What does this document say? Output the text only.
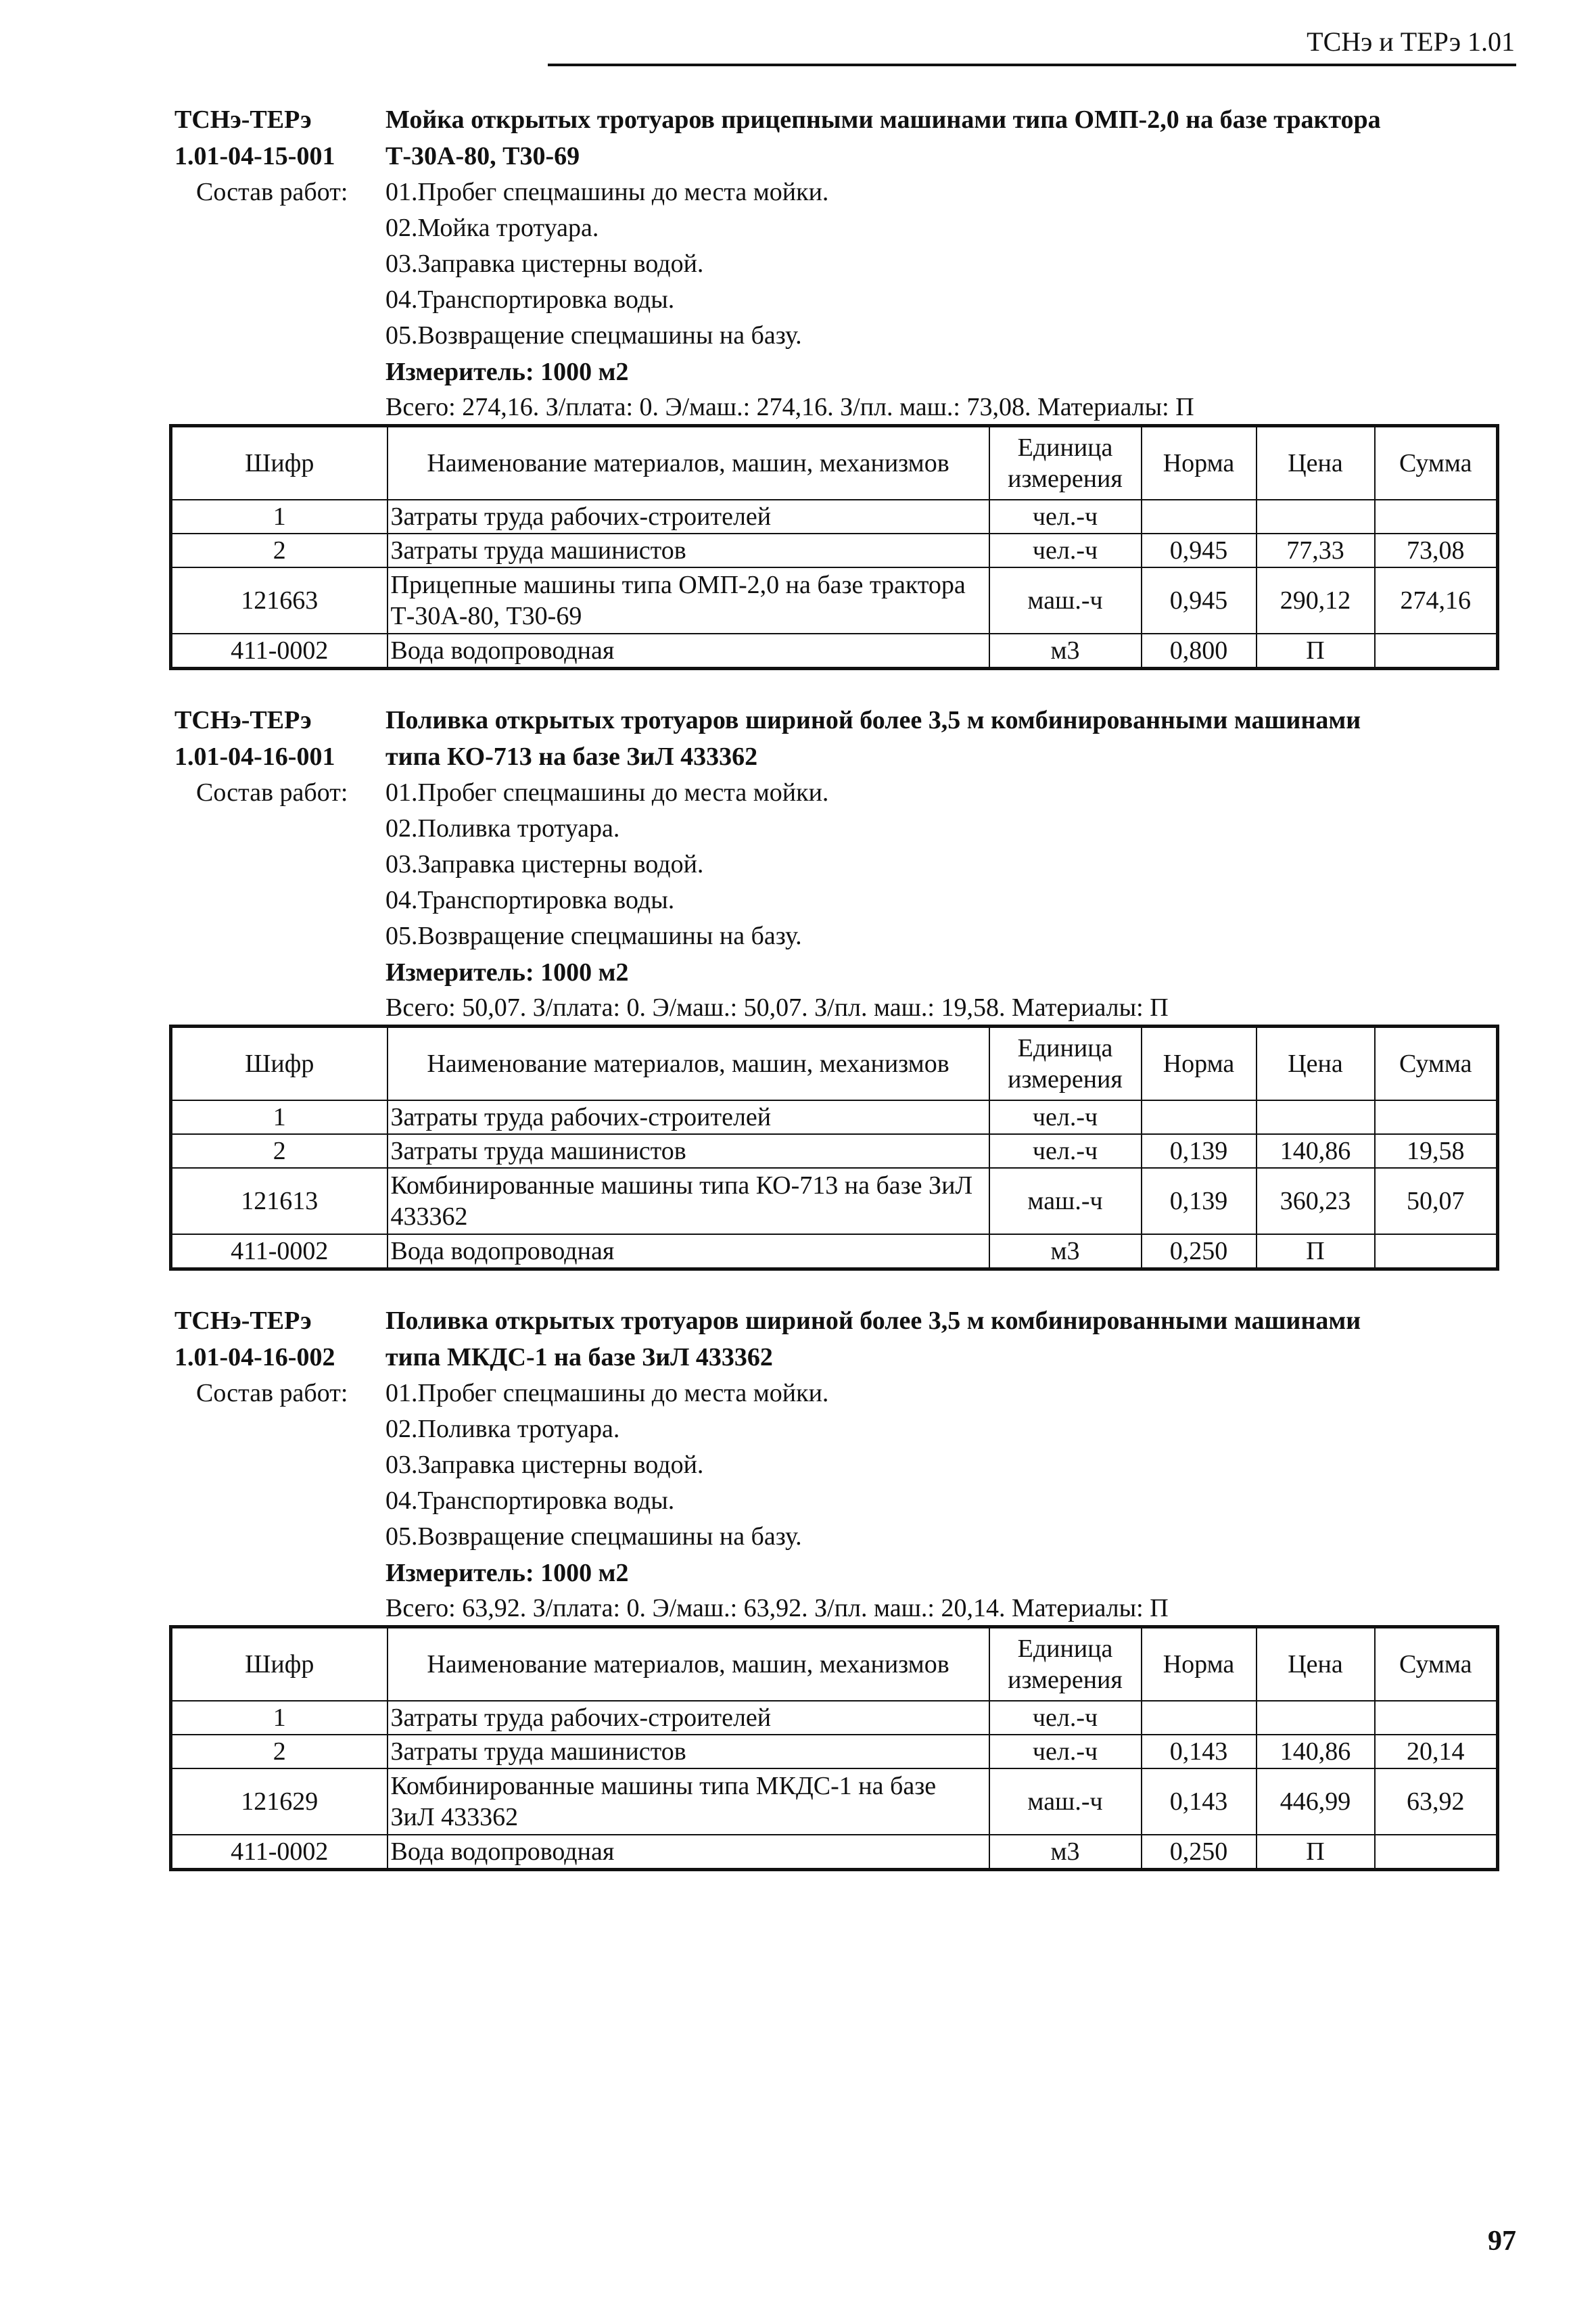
ТСНэ и ТЕРэ 1.01
ТСНэ-ТЕРэ
1.01-04-15-001
Мойка открытых тротуаров прицепными машинами типа ОМП-2,0 на базе трактора
Т-30А-80, Т30-69
Состав работ: 01.Пробег спецмашины до места мойки.
02.Мойка тротуара.
03.Заправка цистерны водой.
04.Транспортировка воды.
05.Возвращение спецмашины на базу.
Измеритель: 1000 м2
Всего: 274,16. З/плата: 0. Э/маш.: 274,16. З/пл. маш.: 73,08. Материалы: П
Шифр	Наименование материалов, машин, механизмов	Единица измерения	Норма	Цена	Сумма
1	Затраты труда рабочих-строителей	чел.-ч			
2	Затраты труда машинистов	чел.-ч	0,945	77,33	73,08
121663	Прицепные машины типа ОМП-2,0 на базе трактора Т-30А-80, Т30-69	маш.-ч	0,945	290,12	274,16
411-0002	Вода водопроводная	м3	0,800	П	
ТСНэ-ТЕРэ
1.01-04-16-001
Поливка открытых тротуаров шириной более 3,5 м комбинированными машинами
типа КО-713 на базе ЗиЛ 433362
Состав работ: 01.Пробег спецмашины до места мойки.
02.Поливка тротуара.
03.Заправка цистерны водой.
04.Транспортировка воды.
05.Возвращение спецмашины на базу.
Измеритель: 1000 м2
Всего: 50,07. З/плата: 0. Э/маш.: 50,07. З/пл. маш.: 19,58. Материалы: П
Шифр	Наименование материалов, машин, механизмов	Единица измерения	Норма	Цена	Сумма
1	Затраты труда рабочих-строителей	чел.-ч			
2	Затраты труда машинистов	чел.-ч	0,139	140,86	19,58
121613	Комбинированные машины типа КО-713 на базе ЗиЛ 433362	маш.-ч	0,139	360,23	50,07
411-0002	Вода водопроводная	м3	0,250	П	
ТСНэ-ТЕРэ
1.01-04-16-002
Поливка открытых тротуаров шириной более 3,5 м комбинированными машинами
типа МКДС-1 на базе ЗиЛ 433362
Состав работ: 01.Пробег спецмашины до места мойки.
02.Поливка тротуара.
03.Заправка цистерны водой.
04.Транспортировка воды.
05.Возвращение спецмашины на базу.
Измеритель: 1000 м2
Всего: 63,92. З/плата: 0. Э/маш.: 63,92. З/пл. маш.: 20,14. Материалы: П
Шифр	Наименование материалов, машин, механизмов	Единица измерения	Норма	Цена	Сумма
1	Затраты труда рабочих-строителей	чел.-ч			
2	Затраты труда машинистов	чел.-ч	0,143	140,86	20,14
121629	Комбинированные машины типа МКДС-1 на базе ЗиЛ 433362	маш.-ч	0,143	446,99	63,92
411-0002	Вода водопроводная	м3	0,250	П	
97
